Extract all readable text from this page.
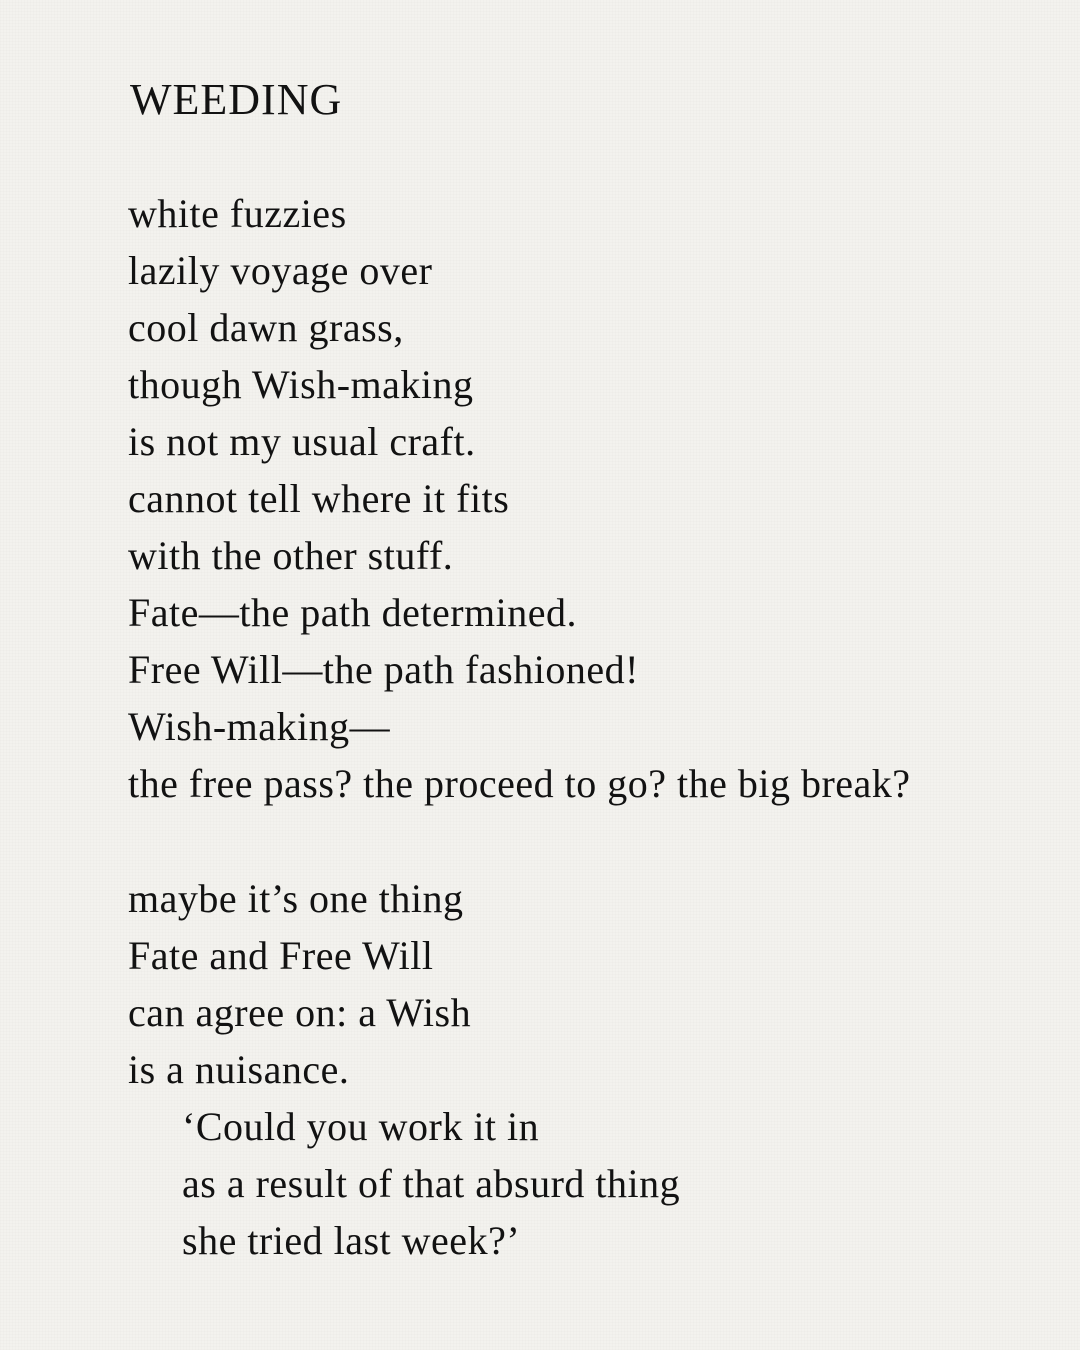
WEEDING
white fuzzies
lazily voyage over
cool dawn grass,
though Wish-making
is not my usual craft.
cannot tell where it fits
with the other stuff.
Fate—the path determined.
Free Will—the path fashioned!
Wish-making—
the free pass? the proceed to go? the big break?
maybe it’s one thing
Fate and Free Will
can agree on: a Wish
is a nuisance.
‘Could you work it in
as a result of that absurd thing
she tried last week?’
